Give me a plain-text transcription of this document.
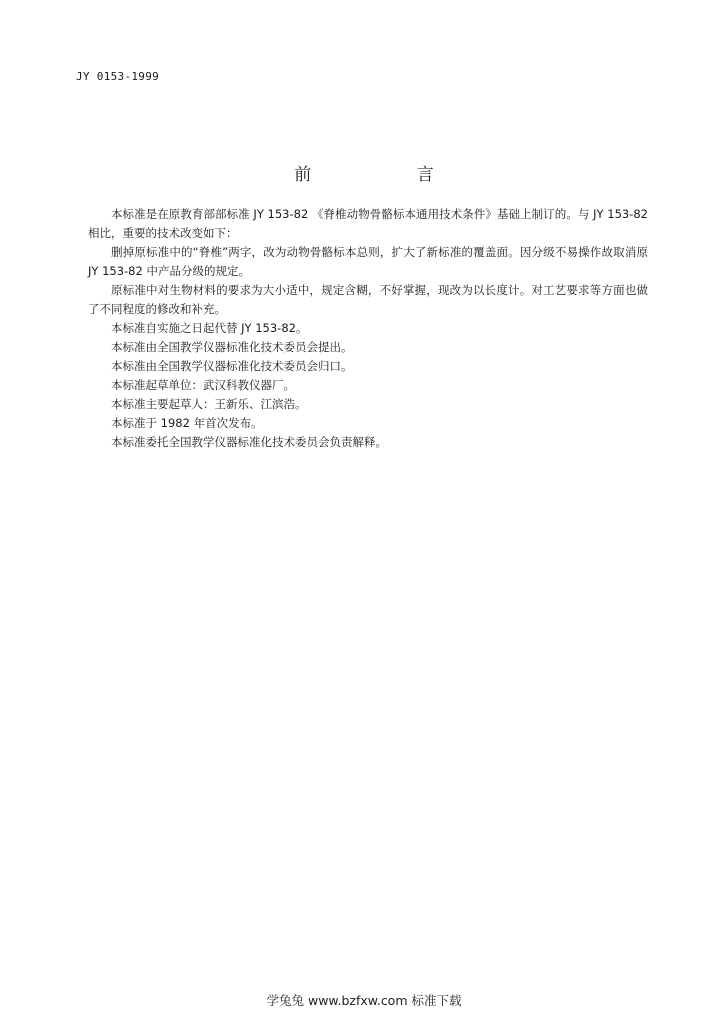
JY 0153-1999
前 言

本标准是在原教育部部标准 JY 153-82 《脊椎动物骨骼标本通用技术条件》基础上制订的。与 JY 153-82 相比，重要的技术改变如下：

删掉原标准中的“脊椎”两字，改为动物骨骼标本总则，扩大了新标准的覆盖面。因分级不易操作故取消原 JY 153-82 中产品分级的规定。

原标准中对生物材料的要求为大小适中，规定含糊，不好掌握，现改为以长度计。对工艺要求等方面也做了不同程度的修改和补充。

本标准自实施之日起代替 JY 153-82。

本标准由全国教学仪器标准化技术委员会提出。

本标准由全国教学仪器标准化技术委员会归口。

本标准起草单位：武汉科教仪器厂。

本标准主要起草人：王新乐、江滨浩。

本标准于 1982 年首次发布。

本标准委托全国教学仪器标准化技术委员会负责解释。

学兔兔 www.bzfxw.com 标准下载
